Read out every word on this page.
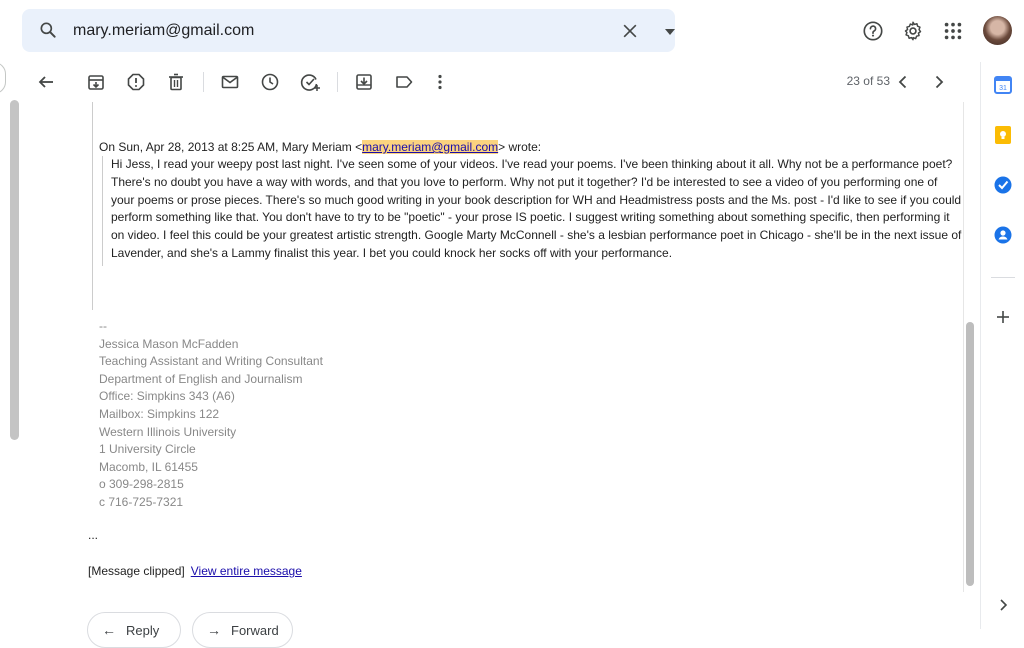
mary.meriam@gmail.com
23 of 53
On Sun, Apr 28, 2013 at 8:25 AM, Mary Meriam <mary.meriam@gmail.com> wrote:
Hi Jess, I read your weepy post last night. I've seen some of your videos. I've read your poems. I've been thinking about it all. Why not be a performance poet? There's no doubt you have a way with words, and that you love to perform. Why not put it together? I'd be interested to see a video of you performing one of your poems or prose pieces. There's so much good writing in your book description for WH and Headmistress posts and the Ms. post - I'd like to see if you could perform something like that. You don't have to try to be "poetic" - your prose IS poetic. I suggest writing something about something specific, then performing it on video. I feel this could be your greatest artistic strength. Google Marty McConnell - she's a lesbian performance poet in Chicago - she'll be in the next issue of Lavender, and she's a Lammy finalist this year. I bet you could knock her socks off with your performance.
--
Jessica Mason McFadden
Teaching Assistant and Writing Consultant
Department of English and Journalism
Office: Simpkins 343 (A6)
Mailbox: Simpkins 122
Western Illinois University
1 University Circle
Macomb, IL 61455
o 309-298-2815
c 716-725-7321
...
[Message clipped] View entire message
← Reply	→ Forward
31
